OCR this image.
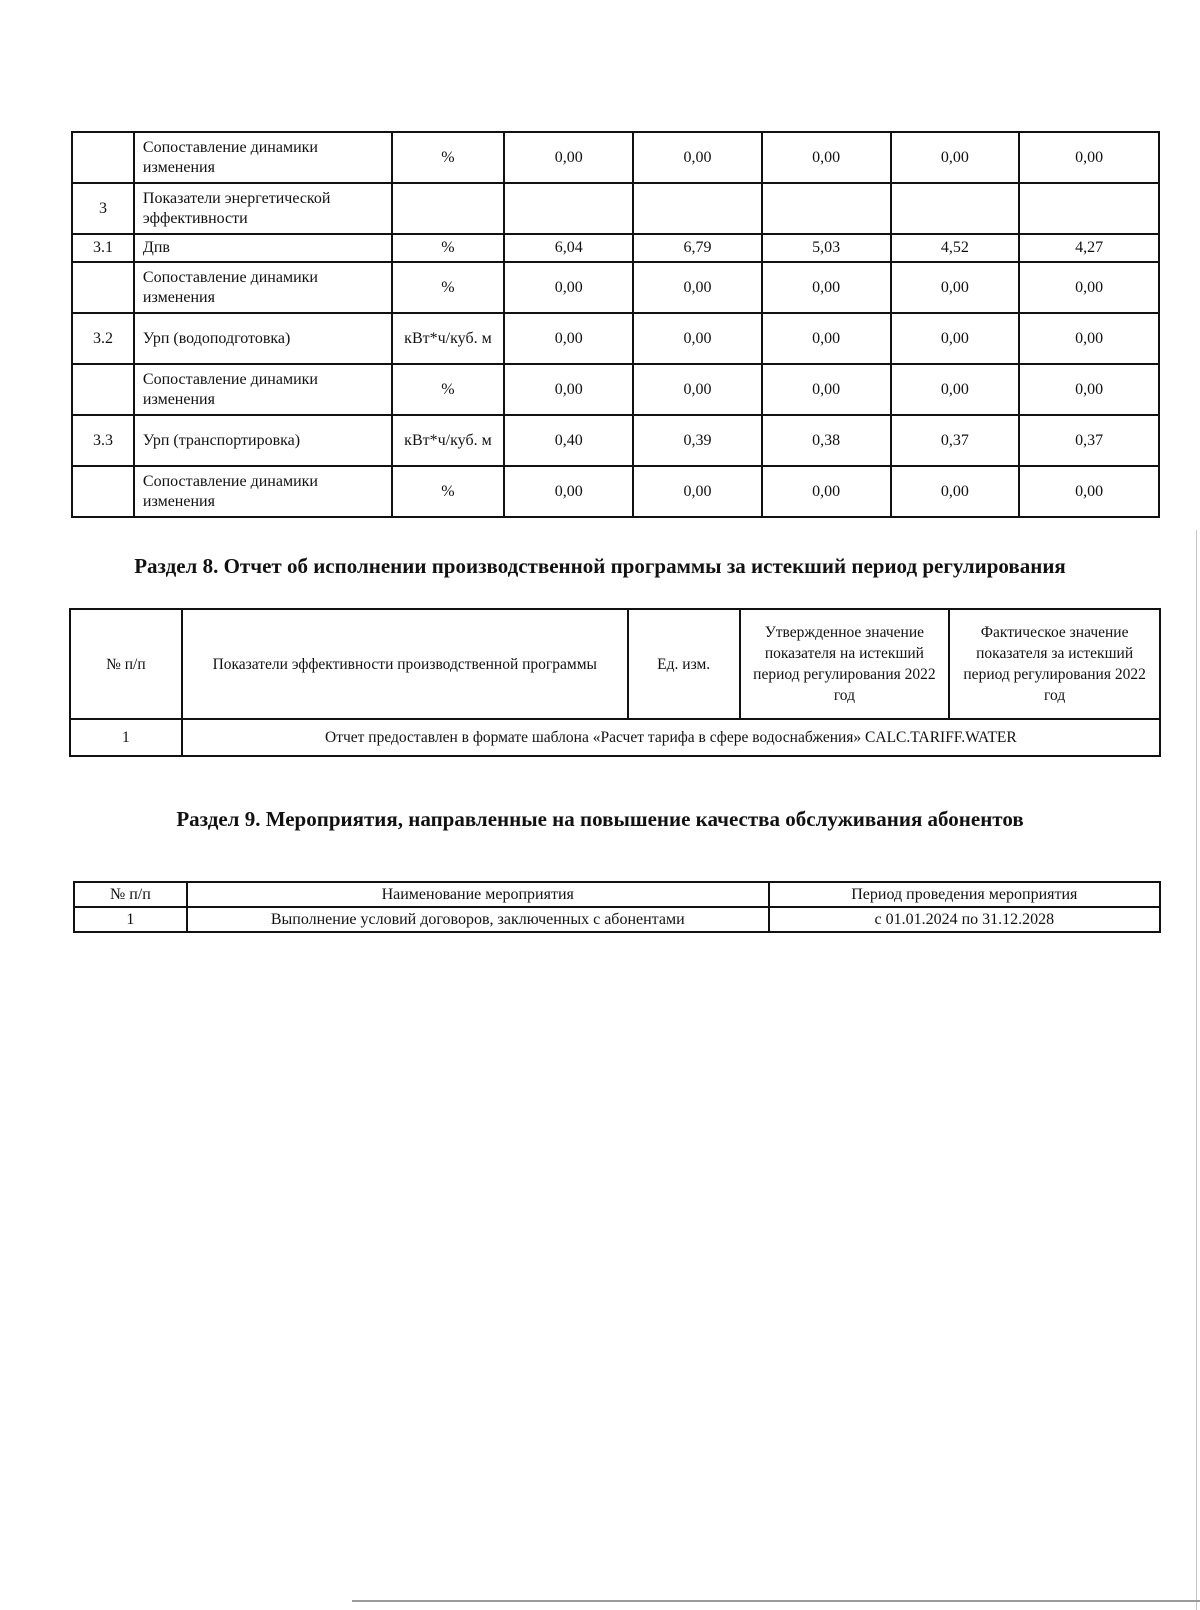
	Сопоставление динамики изменения	%	0,00	0,00	0,00	0,00	0,00
3	Показатели энергетической эффективности						
3.1	Дпв	%	6,04	6,79	5,03	4,52	4,27
	Сопоставление динамики изменения	%	0,00	0,00	0,00	0,00	0,00
3.2	Урп (водоподготовка)	кВт*ч/куб. м	0,00	0,00	0,00	0,00	0,00
	Сопоставление динамики изменения	%	0,00	0,00	0,00	0,00	0,00
3.3	Урп (транспортировка)	кВт*ч/куб. м	0,40	0,39	0,38	0,37	0,37
	Сопоставление динамики изменения	%	0,00	0,00	0,00	0,00	0,00
Раздел 8. Отчет об исполнении производственной программы за истекший период регулирования
№ п/п	Показатели эффективности производственной программы	Ед. изм.	Утвержденное значение показателя на истекший период регулирования 2022 год	Фактическое значение показателя за истекший период регулирования 2022 год
1	Отчет предоставлен в формате шаблона «Расчет тарифа в сфере водоснабжения» CALC.TARIFF.WATER			
Раздел 9. Мероприятия, направленные на повышение качества обслуживания абонентов
№ п/п	Наименование мероприятия	Период проведения мероприятия
1	Выполнение условий договоров, заключенных с абонентами	с 01.01.2024 по 31.12.2028
